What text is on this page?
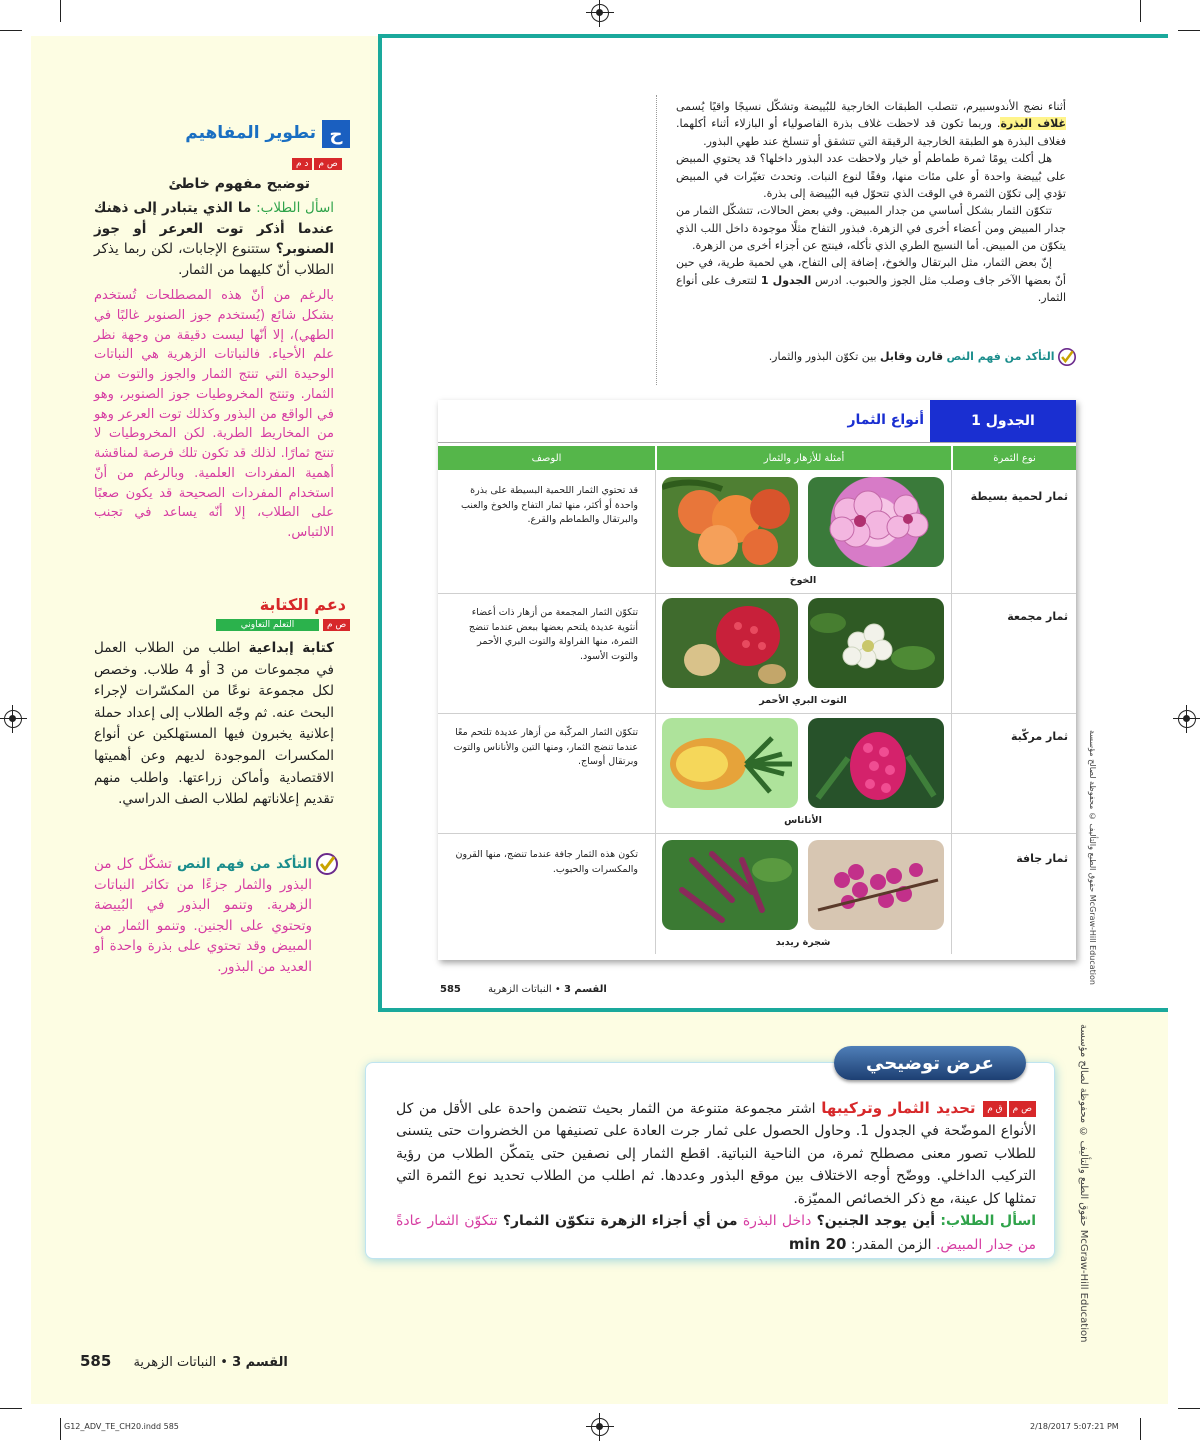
G12_ADV_TE_CH20.indd 585	2/18/2017 5:07:21 PM
ح
تطوير المفاهيم
ص مد م
توضيح مفهوم خاطئ
اسأل الطلاب: ما الذي يتبادر إلى ذهنك عندما أذكر توت العرعر أو جوز الصنوبر؟ ستتنوع الإجابات، لكن ربما يذكر الطلاب أنّ كليهما من الثمار.
بالرغم من أنّ هذه المصطلحات تُستخدم بشكل شائع (يُستخدم جوز الصنوبر غالبًا في الطهي)، إلا أنّها ليست دقيقة من وجهة نظر علم الأحياء. فالنباتات الزهرية هي النباتات الوحيدة التي تنتج الثمار والجوز والتوت من الثمار. وتنتج المخروطيات جوز الصنوبر، وهو في الواقع من البذور وكذلك توت العرعر وهو من المخاريط الطرية. لكن المخروطيات لا تنتج ثمارًا. لذلك قد تكون تلك فرصة لمناقشة أهمية المفردات العلمية. وبالرغم من أنّ استخدام المفردات الصحيحة قد يكون صعبًا على الطلاب، إلا أنّه يساعد في تجنب الالتباس.
دعم الكتابة
ص م
التعلم التعاوني
كتابة إبداعية اطلب من الطلاب العمل في مجموعات من 3 أو 4 طلاب. وخصص لكل مجموعة نوعًا من المكسّرات لإجراء البحث عنه. ثم وجّه الطلاب إلى إعداد حملة إعلانية يخبرون فيها المستهلكين عن أنواع المكسرات الموجودة لديهم وعن أهميتها الاقتصادية وأماكن زراعتها. واطلب منهم تقديم إعلاناتهم لطلاب الصف الدراسي.
التأكد من فهم النص تشكّل كل من البذور والثمار جزءًا من تكاثر النباتات الزهرية. وتنمو البذور في البُييضة وتحتوي على الجنين. وتنمو الثمار من المبيض وقد تحتوي على بذرة واحدة أو العديد من البذور.

أثناء نضج الأندوسبيرم، تتصلب الطبقات الخارجية للبُييضة وتشكّل نسيجًا واقيًا يُسمى غلاف البذرة. وربما تكون قد لاحظت غلاف بذرة الفاصولياء أو البازلاء أثناء أكلهما. فغلاف البذرة هو الطبقة الخارجية الرقيقة التي تتشقق أو تنسلخ عند طهي البذور.

هل أكلت يومًا ثمرة طماطم أو خيار ولاحظت عدد البذور داخلها؟ قد يحتوي المبيض على بُييضة واحدة أو على مئات منها، وفقًا لنوع النبات. وتحدث تغيّرات في المبيض تؤدي إلى تكوّن الثمرة في الوقت الذي تتحوّل فيه البُييضة إلى بذرة.

تتكوّن الثمار بشكل أساسي من جدار المبيض. وفي بعض الحالات، تتشكّل الثمار من جدار المبيض ومن أعضاء أخرى في الزهرة. فبذور التفاح مثلًا موجودة داخل اللب الذي يتكوّن من المبيض. أما النسيج الطري الذي تأكله، فينتج عن أجزاء أخرى من الزهرة.

إنّ بعض الثمار، مثل البرتقال والخوخ، إضافة إلى التفاح، هي لحمية طرية، في حين أنّ بعضها الآخر جاف وصلب مثل الجوز والحبوب. ادرس الجدول 1 لتتعرف على أنواع الثمار.

التأكد من فهم النص قارن وقابل بين تكوّن البذور والثمار.
الجدول 1
أنواع الثمار
نوع الثمرة
أمثلة للأزهار والثمار
الوصف
ثمار لحمية بسيطة
قد تحتوي الثمار اللحمية البسيطة على بذرة واحدة أو أكثر، منها ثمار التفاح والخوخ والعنب والبرتقال والطماطم والقرع.
الخوخ
ثمار مجمعة
تتكوّن الثمار المجمعة من أزهار ذات أعضاء أنثوية عديدة يلتحم بعضها ببعض عندما تنضج الثمرة، منها الفراولة والتوت البري الأحمر والتوت الأسود.
التوت البري الأحمر
ثمار مركّبة
تتكوّن الثمار المركّبة من أزهار عديدة تلتحم معًا عندما تنضج الثمار، ومنها التين والأناناس والتوت وبرتقال أوساج.
الأناناس
ثمار جافة
تكون هذه الثمار جافة عندما تنضج، منها القرون والمكسرات والحبوب.
شجرة ريدبد
القسم 3 • النباتات الزهرية 585
McGraw-Hill Education حقوق الطبع والتأليف © محفوظة لصالح مؤسسة
McGraw-Hill Education حقوق الطبع والتأليف © محفوظة لصالح مؤسسة
عرض توضيحي
ص مق م تحديد الثمار وتركيبها اشتر مجموعة متنوعة من الثمار بحيث تتضمن واحدة على الأقل من كل الأنواع الموضّحة في الجدول 1. وحاول الحصول على ثمار جرت العادة على تصنيفها من الخضروات حتى يتسنى للطلاب تصور معنى مصطلح ثمرة، من الناحية النباتية. اقطع الثمار إلى نصفين حتى يتمكّن الطلاب من رؤية التركيب الداخلي. ووضّح أوجه الاختلاف بين موقع البذور وعددها. ثم اطلب من الطلاب تحديد نوع الثمرة التي تمثلها كل عينة، مع ذكر الخصائص المميّزة.
اسأل الطلاب: أين يوجد الجنين؟ داخل البذرة من أي أجزاء الزهرة تتكوّن الثمار؟ تتكوّن الثمار عادةً من جدار المبيض. الزمن المقدر: 20 min
القسم 3 • النباتات الزهرية 585
